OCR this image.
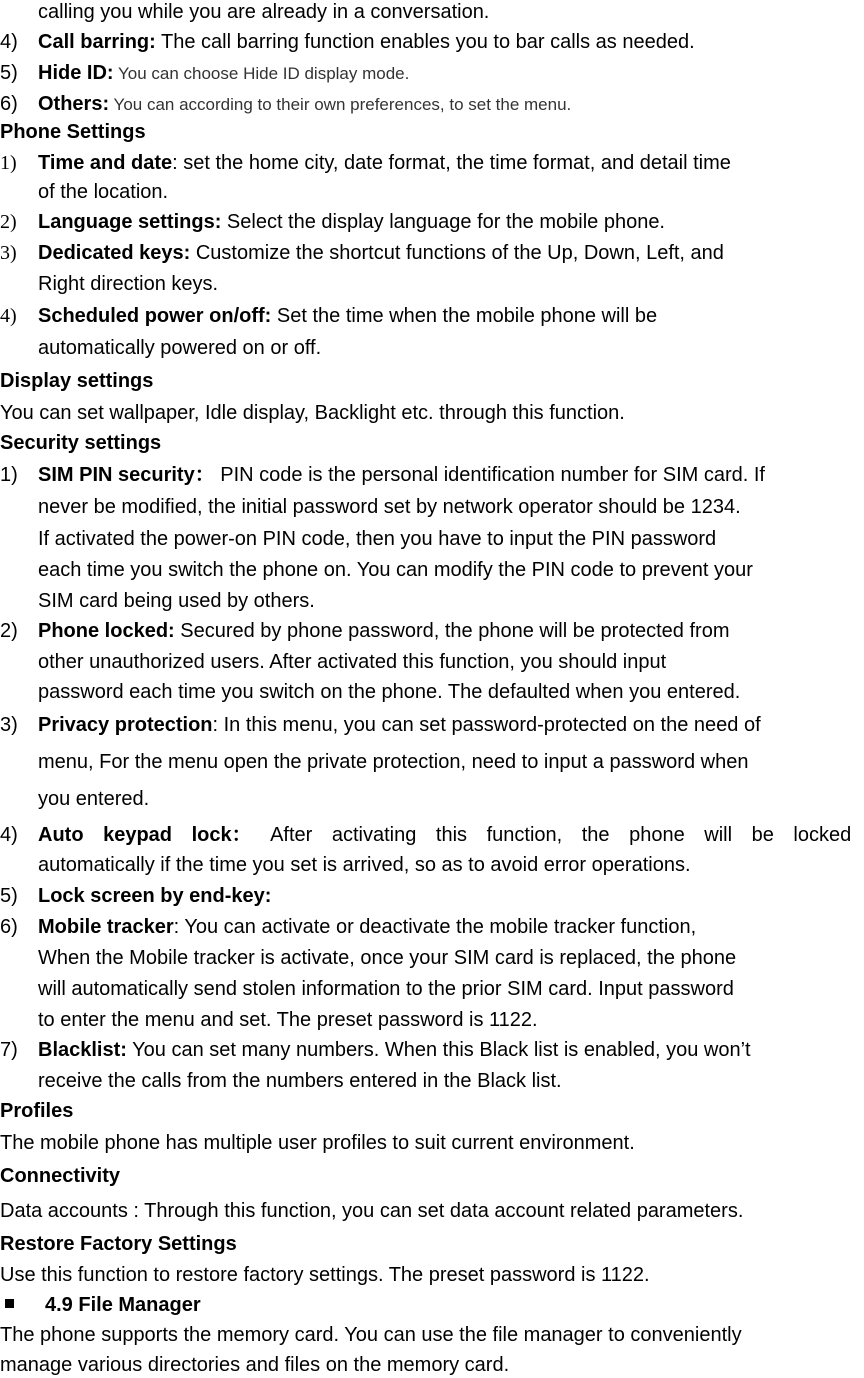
calling you while you are already in a conversation.
4) Call barring: The call barring function enables you to bar calls as needed.
5) Hide ID: You can choose Hide ID display mode.
6) Others: You can according to their own preferences, to set the menu.
Phone Settings
1) Time and date: set the home city, date format, the time format, and detail time
of the location.
2) Language settings: Select the display language for the mobile phone.
3) Dedicated keys: Customize the shortcut functions of the Up, Down, Left, and
Right direction keys.
4) Scheduled power on/off: Set the time when the mobile phone will be
automatically powered on or off.
Display settings
You can set wallpaper, Idle display, Backlight etc. through this function.
Security settings
1) SIM PIN security： PIN code is the personal identification number for SIM card. If
never be modified, the initial password set by network operator should be 1234.
If activated the power-on PIN code, then you have to input the PIN password
each time you switch the phone on. You can modify the PIN code to prevent your
SIM card being used by others.
2) Phone locked: Secured by phone password, the phone will be protected from
other unauthorized users. After activated this function, you should input
password each time you switch on the phone. The defaulted when you entered.
3) Privacy protection: In this menu, you can set password-protected on the need of
menu, For the menu open the private protection, need to input a password when
you entered.
4) Auto keypad lock： After activating this function, the phone will be locked
automatically if the time you set is arrived, so as to avoid error operations.
5) Lock screen by end-key:
6) Mobile tracker: You can activate or deactivate the mobile tracker function,
When the Mobile tracker is activate, once your SIM card is replaced, the phone
will automatically send stolen information to the prior SIM card. Input password
to enter the menu and set. The preset password is 1122.
7) Blacklist: You can set many numbers. When this Black list is enabled, you won’t
receive the calls from the numbers entered in the Black list.
Profiles
The mobile phone has multiple user profiles to suit current environment.
Connectivity
Data accounts : Through this function, you can set data account related parameters.
Restore Factory Settings
Use this function to restore factory settings. The preset password is 1122.
4.9 File Manager
The phone supports the memory card. You can use the file manager to conveniently
manage various directories and files on the memory card.
